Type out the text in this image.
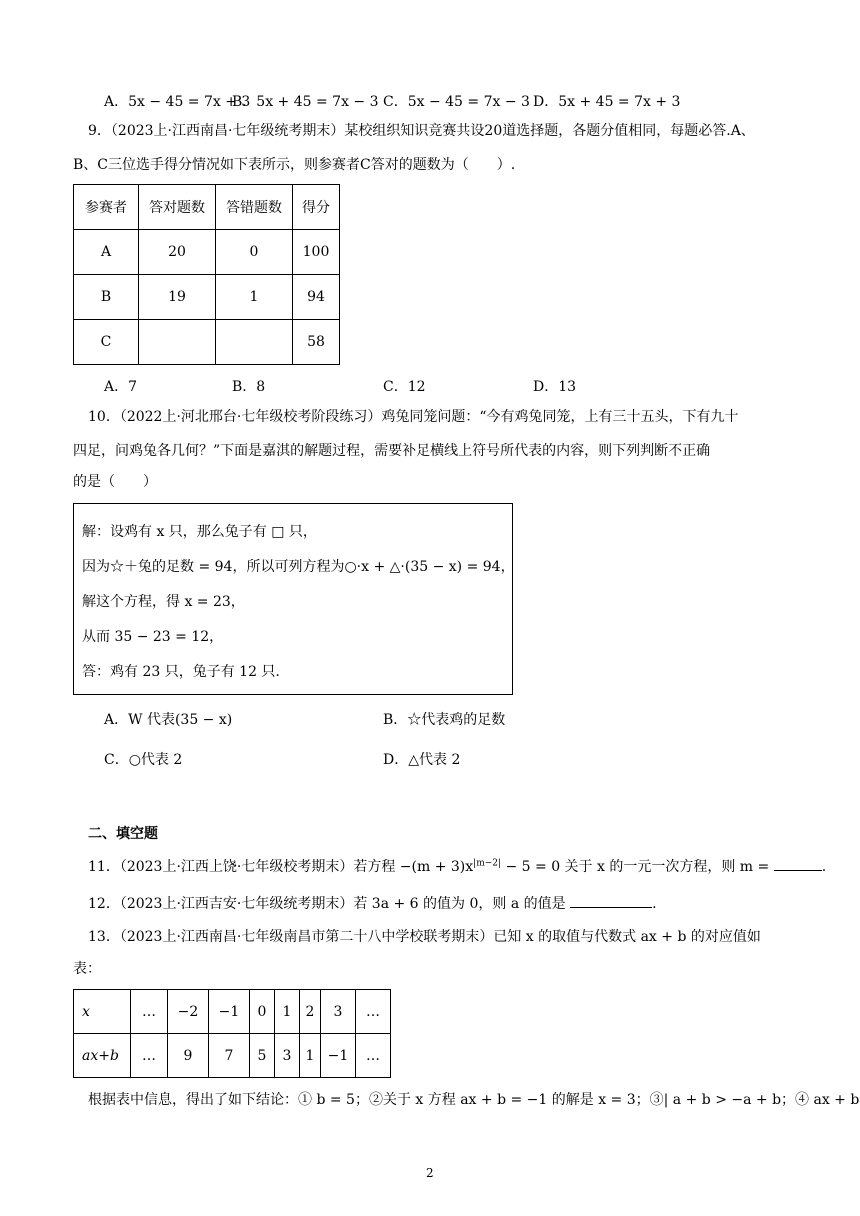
A．5x − 45 = 7x + 3
B．5x + 45 = 7x − 3 C．5x − 45 = 7x − 3 D．5x + 45 = 7x + 3
9．（2023上·江西南昌·七年级统考期末）某校组织知识竞赛共设20道选择题，各题分值相同，每题必答.A、
B、C三位选手得分情况如下表所示，则参赛者C答对的题数为（　　）.
参赛者	答对题数	答错题数	得分
A	20	0	100
B	19	1	94
C			58
A．7	B．8	C．12	D．13
10．（2022上·河北邢台·七年级校考阶段练习）鸡兔同笼问题：“今有鸡兔同笼，上有三十五头，下有九十
四足，问鸡兔各几何？”下面是嘉淇的解题过程，需要补足横线上符号所代表的内容，则下列判断不正确
的是（　　）
解：设鸡有 x 只，那么兔子有 □ 只，
因为☆＋兔的足数 = 94，所以可列方程为○·x + △·(35 − x) = 94，
解这个方程，得 x = 23，
从而 35 − 23 = 12，
答：鸡有 23 只，兔子有 12 只.
A．W 代表(35 − x)	B．☆代表鸡的足数
C．○代表 2	D．△代表 2
二、填空题
11．（2023上·江西上饶·七年级校考期末）若方程 $-(m + 3)x^{|m-2|} - 5 = 0$ 关于 x 的一元一次方程，则 m =	.
12．（2023上·江西吉安·七年级统考期末）若 3a + 6 的值为 0，则 a 的值是	.
13．（2023上·江西南昌·七年级南昌市第二十八中学校联考期末）已知 x 的取值与代数式 ax + b 的对应值如
表：
x	…	−2	−1	0	1	2	3	…
ax+b	…	9	7	5	3	1	−1	…
根据表中信息，得出了如下结论：① b = 5；②关于 x 方程 ax + b = −1 的解是 x = 3；③| a + b > −a + b；④ ax + b
2
